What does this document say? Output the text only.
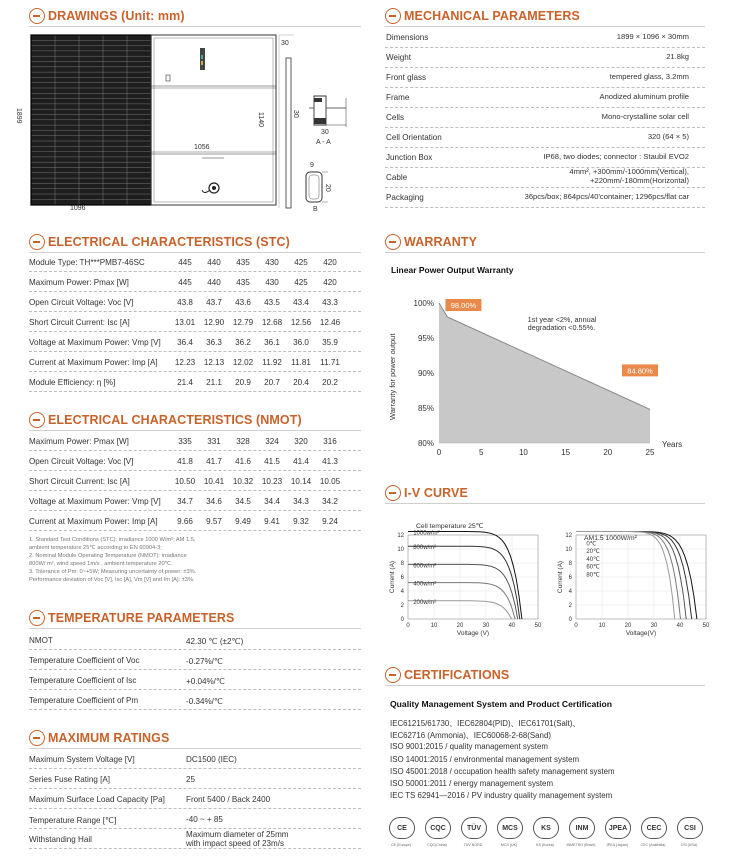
DRAWINGS (Unit: mm)
1899
1096
1056
1140
30
30
30
A - A
9
20
B
ELECTRICAL CHARACTERISTICS (STC)
Module Type: TH***PMB7-46SC	445	440	435	430	425	420
Maximum Power: Pmax [W]	445	440	435	430	425	420
Open Circuit Voltage: Voc [V]	43.8	43.7	43.6	43.5	43.4	43.3
Short Circuit Current: Isc [A]	13.01	12.90	12.79	12.68	12.56	12.46
Voltage at Maximum Power: Vmp [V]	36.4	36.3	36.2	36.1	36.0	35.9
Current at Maximum Power: Imp [A]	12.23	12.13	12.02	11.92	11.81	11.71
Module Efficiency: η [%]	21.4	21.1	20.9	20.7	20.4	20.2
ELECTRICAL CHARACTERISTICS (NMOT)
Maximum Power: Pmax [W]	335	331	328	324	320	316
Open Circuit Voltage: Voc [V]	41.8	41.7	41.6	41.5	41.4	41.3
Short Circuit Current: Isc [A]	10.50	10.41	10.32	10.23	10.14	10.05
Voltage at Maximum Power: Vmp [V]	34.7	34.6	34.5	34.4	34.3	34.2
Current at Maximum Power: Imp [A]	9.66	9.57	9.49	9.41	9.32	9.24
1. Standard Test Conditions (STC): irradiance 1000 W/m²; AM 1.5,
ambient temperature 25℃ according to EN 60904-3;
2. Nominal Module Operating Temperature (NMOT): irradiance
800W/ m², wind speed 1m/s , ambient temperature 20℃.
3. Tolerance of Pm: 0~+5W; Measuring uncertainty of power: ±3%.
Performance deviation of Voc [V], Isc [A], Vm [V] and Im [A]: ±3%.
TEMPERATURE PARAMETERS
NMOT	42.30 ℃ (±2℃)
Temperature Coefficient of Voc	-0.27%/℃
Temperature Coefficient of Isc	+0.04%/℃
Temperature Coefficient of Pm	-0.34%/℃
MAXIMUM RATINGS
Maximum System Voltage [V]	DC1500 (IEC)
Series Fuse Rating [A]	25
Maximum Surface Load Capacity [Pa]	Front 5400 / Back 2400
Temperature Range [℃]	-40 ~ + 85
Withstanding Hail
Maximum diameter of 25mm
with impact speed of 23m/s
MECHANICAL PARAMETERS
Dimensions	1899 × 1096 × 30mm
Weight	21.8kg
Front glass	tempered glass, 3.2mm
Frame	Anodized aluminum profile
Cells	Mono-crystalline solar cell
Cell Orientation	320 (64 × 5)
Junction Box	IP68, two diodes; connector : Staubil EVO2
Cable
4mm², +300mm/-1000mm(Vertical),
+220mm/-180mm(Horizontal)
Packaging	36pcs/box; 864pcs/40'container; 1296pcs/flat car
WARRANTY
Linear Power Output Warranty
100%
95%
90%
85%
80%
0	5	10	15	20	25
Years
98.00%
84.80%
1st year <2%, annual
degradation <0.55%.
Warranty for power output
I-V CURVE
1000w/m²
800w/m²
600w/m²
400w/m²
200w/m²
12
10
8
6
4
2
0
0	10	20	30	40	50
Voltage (V)
Current (A)
Cell temperature 25℃
0℃
20℃
40℃
60℃
80℃
12
10
8
6
4
2
0
0	10	20	30	40	50
Voltage(V)
Current (A)
AM1.5 1000W/m²
CERTIFICATIONS
Quality Management System and Product Certification
IEC61215/61730、IEC62804(PID)、IEC61701(Salt)、
IEC62716 (Ammonia)、IEC60068-2-68(Sand)
ISO 9001:2015 / quality management system
ISO 14001:2015 / environmental management system
ISO 45001:2018 / occupation health safety management system
ISO 50001:2011 / energy management system
IEC TS 62941—2016 / PV industry quality management system
CE
CE (Europe)
CQC
CQC(China)
TÜV
TÜV NORD
MCS
MCS (UK)
KS
KS (Korea)
INM
INMETRO (Brazil)
JPEA
JPEA (Japan)
CEC
CEC (Australia)
CSI
CSI (USA)
